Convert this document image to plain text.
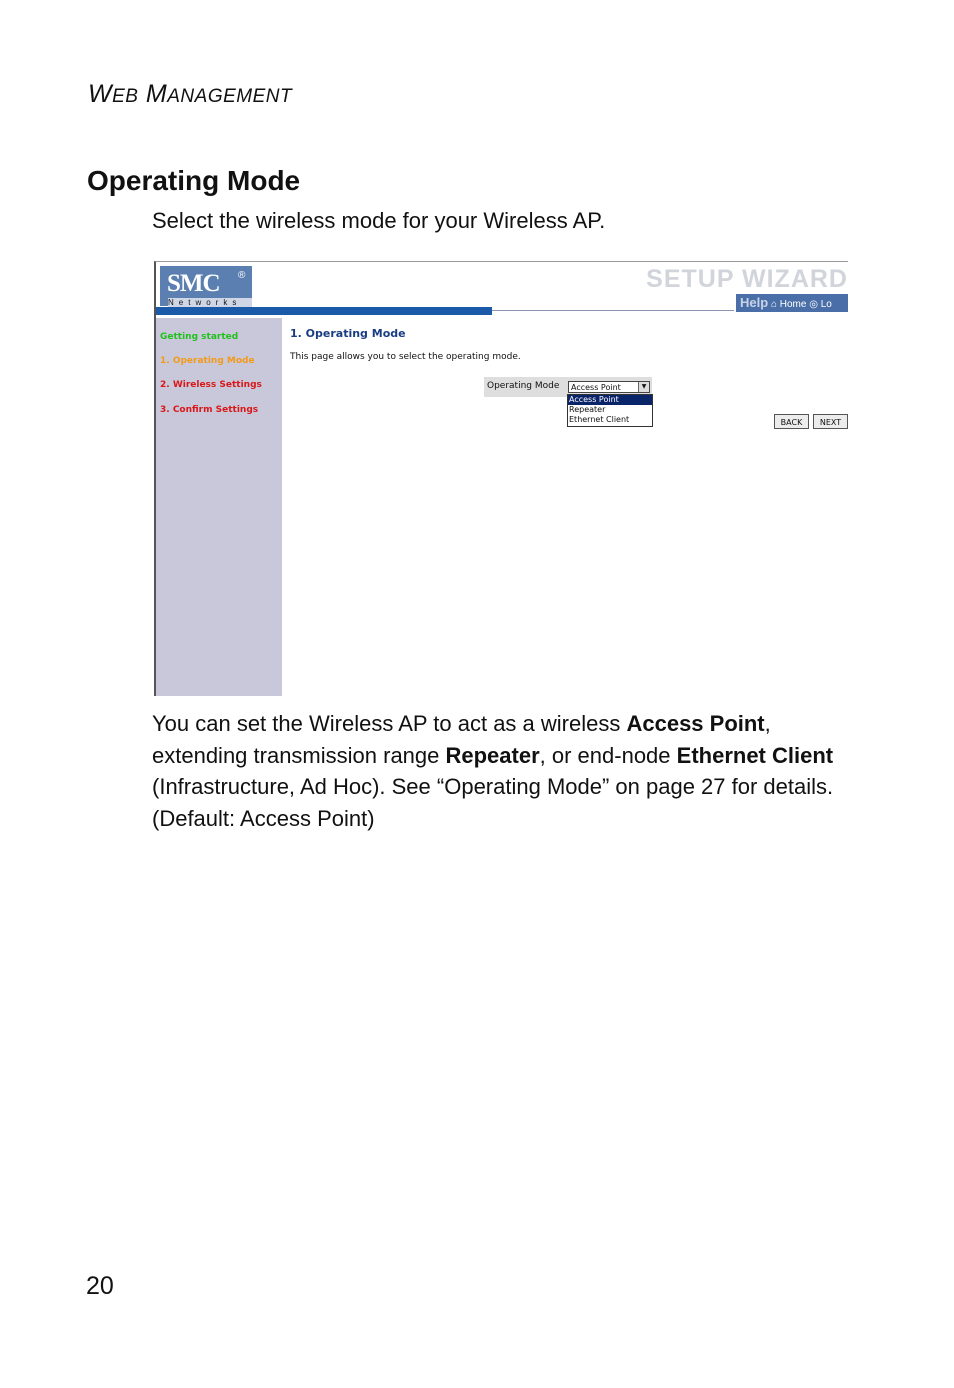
WEB MANAGEMENT
Operating Mode

Select the wireless mode for your Wireless AP.

SMC ®
Networks
SETUP WIZARD
Help ⌂ Home ◎ Lo
Getting started
1. Operating Mode
2. Wireless Settings
3. Confirm Settings
1. Operating Mode
This page allows you to select the operating mode.
Operating Mode	Access Point	▼
Access Point
Repeater
Ethernet Client	BACK	NEXT

You can set the Wireless AP to act as a wireless Access Point, extending transmission range Repeater, or end-node Ethernet Client (Infrastructure, Ad Hoc). See “Operating Mode” on page 27 for details. (Default: Access Point)

20
